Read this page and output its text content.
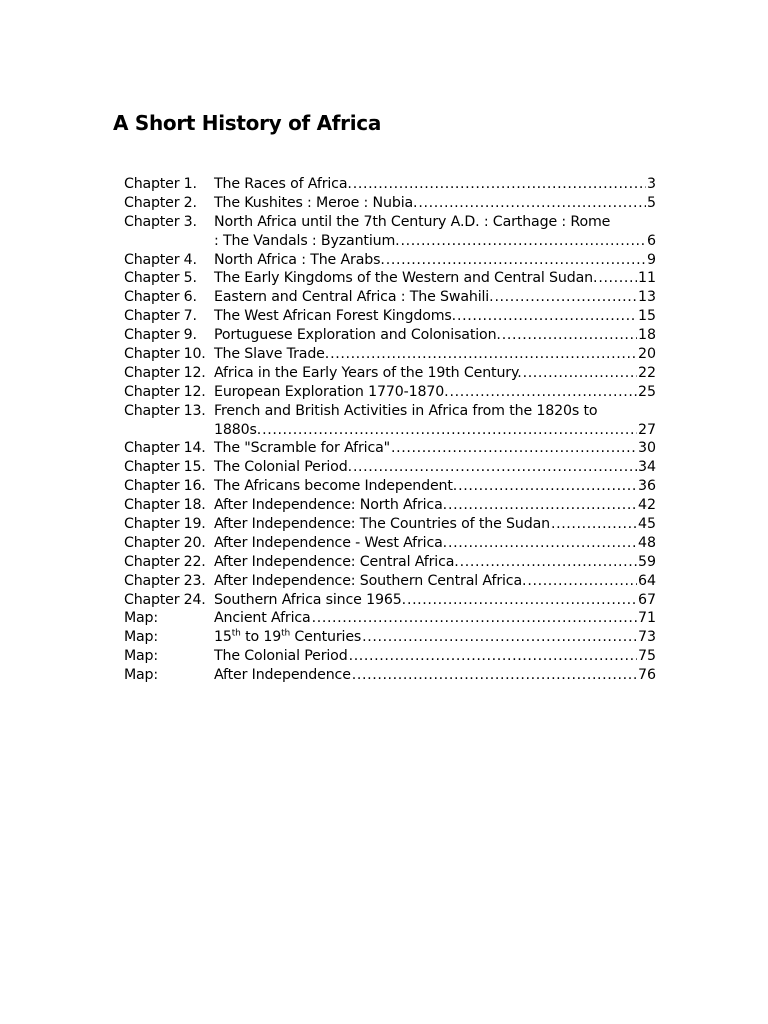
A Short History of Africa
Chapter 1.	The Races of Africa. .....	3
Chapter 2.	The Kushites : Meroe : Nubia. .....	5
Chapter 3.	North Africa until the 7th Century A.D. : Carthage : Rome
: The Vandals : Byzantium. .....	6
Chapter 4.	North Africa : The Arabs. .....	9
Chapter 5.	The Early Kingdoms of the Western and Central Sudan. .....	11
Chapter 6.	Eastern and Central Africa : The Swahili. .....	13
Chapter 7.	The West African Forest Kingdoms. .....	15
Chapter 9.	Portuguese Exploration and Colonisation. .....	18
Chapter 10. The Slave Trade. .....	20
Chapter 12. Africa in the Early Years of the 19th Century. .....	22
Chapter 12. European Exploration 1770-1870. .....	25
Chapter 13. French and British Activities in Africa from the 1820s to
1880s. .....	27
Chapter 14. The "Scramble for Africa" .....	30
Chapter 15. The Colonial Period. .....	34
Chapter 16. The Africans become Independent. .....	36
Chapter 18. After Independence: North Africa. .....	42
Chapter 19. After Independence: The Countries of the Sudan .....	45
Chapter 20. After Independence - West Africa. .....	48
Chapter 22. After Independence: Central Africa. .....	59
Chapter 23. After Independence: Southern Central Africa. .....	64
Chapter 24. Southern Africa since 1965. .....	67
Map:	Ancient Africa .....	71
Map:	15th to 19th Centuries .....	73
Map:	The Colonial Period .....	75
Map:	After Independence .....	76
